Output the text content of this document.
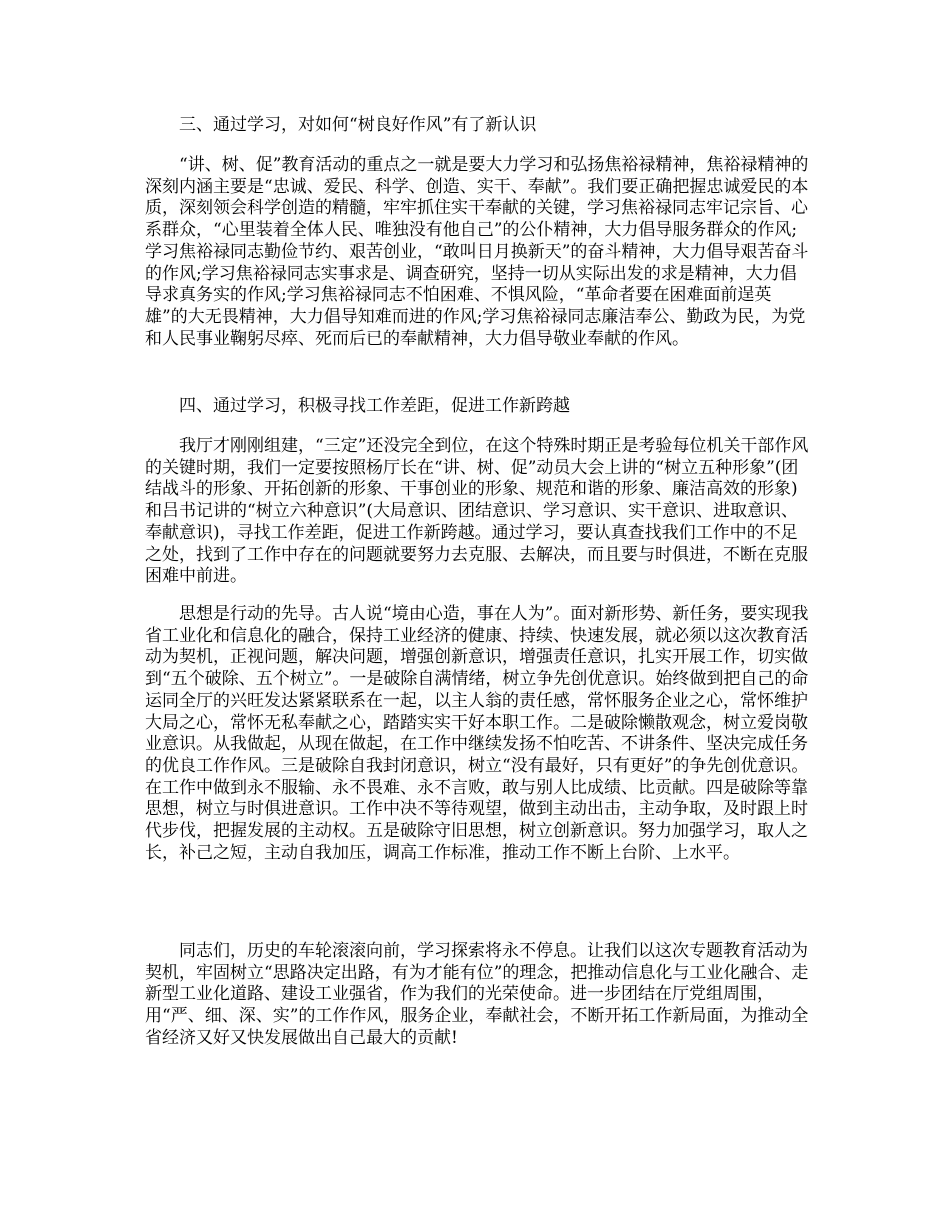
三、通过学习，对如何“树良好作风”有了新认识

“讲、树、促”教育活动的重点之一就是要大力学习和弘扬焦裕禄精神，焦裕禄精神的深刻内涵主要是“忠诚、爱民、科学、创造、实干、奉献”。我们要正确把握忠诚爱民的本质，深刻领会科学创造的精髓，牢牢抓住实干奉献的关键，学习焦裕禄同志牢记宗旨、心系群众，“心里装着全体人民、唯独没有他自己”的公仆精神，大力倡导服务群众的作风;学习焦裕禄同志勤俭节约、艰苦创业，“敢叫日月换新天”的奋斗精神，大力倡导艰苦奋斗的作风;学习焦裕禄同志实事求是、调查研究，坚持一切从实际出发的求是精神，大力倡导求真务实的作风;学习焦裕禄同志不怕困难、不惧风险，“革命者要在困难面前逞英雄”的大无畏精神，大力倡导知难而进的作风;学习焦裕禄同志廉洁奉公、勤政为民，为党和人民事业鞠躬尽瘁、死而后已的奉献精神，大力倡导敬业奉献的作风。

四、通过学习，积极寻找工作差距，促进工作新跨越

我厅才刚刚组建，“三定”还没完全到位，在这个特殊时期正是考验每位机关干部作风的关键时期，我们一定要按照杨厅长在“讲、树、促”动员大会上讲的“树立五种形象”(团结战斗的形象、开拓创新的形象、干事创业的形象、规范和谐的形象、廉洁高效的形象)和吕书记讲的“树立六种意识”(大局意识、团结意识、学习意识、实干意识、进取意识、奉献意识)，寻找工作差距，促进工作新跨越。通过学习，要认真查找我们工作中的不足之处，找到了工作中存在的问题就要努力去克服、去解决，而且要与时俱进，不断在克服困难中前进。

思想是行动的先导。古人说“境由心造，事在人为”。面对新形势、新任务，要实现我省工业化和信息化的融合，保持工业经济的健康、持续、快速发展，就必须以这次教育活动为契机，正视问题，解决问题，增强创新意识，增强责任意识，扎实开展工作，切实做到“五个破除、五个树立”。一是破除自满情绪，树立争先创优意识。始终做到把自己的命运同全厅的兴旺发达紧紧联系在一起，以主人翁的责任感，常怀服务企业之心，常怀维护大局之心，常怀无私奉献之心，踏踏实实干好本职工作。二是破除懒散观念，树立爱岗敬业意识。从我做起，从现在做起，在工作中继续发扬不怕吃苦、不讲条件、坚决完成任务的优良工作作风。三是破除自我封闭意识，树立“没有最好，只有更好”的争先创优意识。在工作中做到永不服输、永不畏难、永不言败，敢与别人比成绩、比贡献。四是破除等靠思想，树立与时俱进意识。工作中决不等待观望，做到主动出击，主动争取，及时跟上时代步伐，把握发展的主动权。五是破除守旧思想，树立创新意识。努力加强学习，取人之长，补己之短，主动自我加压，调高工作标准，推动工作不断上台阶、上水平。

同志们，历史的车轮滚滚向前，学习探索将永不停息。让我们以这次专题教育活动为契机，牢固树立“思路决定出路，有为才能有位”的理念，把推动信息化与工业化融合、走新型工业化道路、建设工业强省，作为我们的光荣使命。进一步团结在厅党组周围，用“严、细、深、实”的工作作风，服务企业，奉献社会，不断开拓工作新局面，为推动全省经济又好又快发展做出自己最大的贡献!
